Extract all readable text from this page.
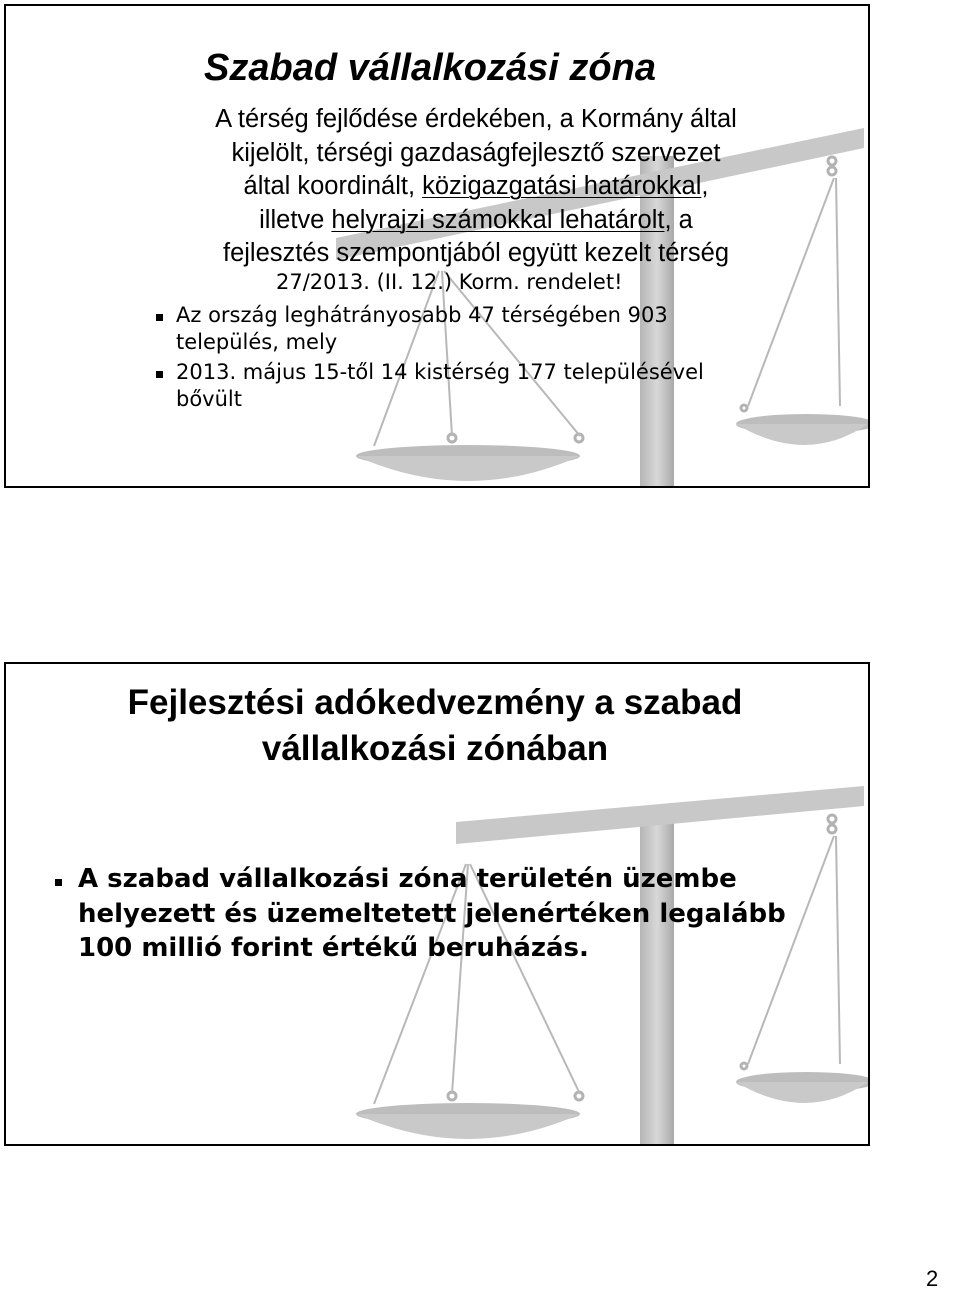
Szabad vállalkozási zóna
A térség fejlődése érdekében, a Kormány által
kijelölt, térségi gazdaságfejlesztő szervezet
által koordinált, közigazgatási határokkal,
illetve helyrajzi számokkal lehatárolt, a
fejlesztés szempontjából együtt kezelt térség
27/2013. (II. 12.) Korm. rendelet!
Az ország leghátrányosabb 47 térségében 903
település, mely
2013. május 15-től 14 kistérség 177 településével
bővült
Fejlesztési adókedvezmény a szabad
vállalkozási zónában
A szabad vállalkozási zóna területén üzembe
helyezett és üzemeltetett jelenértéken legalább
100 millió forint értékű beruházás.
2
